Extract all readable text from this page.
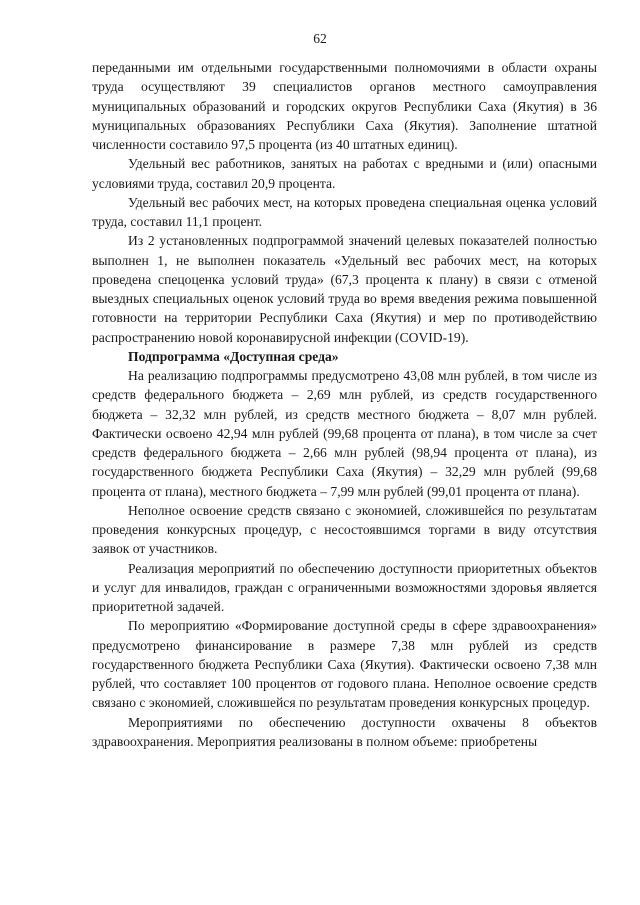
62

переданными им отдельными государственными полномочиями в области охраны труда осуществляют 39 специалистов органов местного самоуправления муниципальных образований и городских округов Республики Саха (Якутия) в 36 муниципальных образованиях Республики Саха (Якутия). Заполнение штатной численности составило 97,5 процента (из 40 штатных единиц).

Удельный вес работников, занятых на работах с вредными и (или) опасными условиями труда, составил 20,9 процента.

Удельный вес рабочих мест, на которых проведена специальная оценка условий труда, составил 11,1 процент.

Из 2 установленных подпрограммой значений целевых показателей полностью выполнен 1, не выполнен показатель «Удельный вес рабочих мест, на которых проведена спецоценка условий труда» (67,3 процента к плану) в связи с отменой выездных специальных оценок условий труда во время введения режима повышенной готовности на территории Республики Саха (Якутия) и мер по противодействию распространению новой коронавирусной инфекции (COVID-19).

Подпрограмма «Доступная среда»

На реализацию подпрограммы предусмотрено 43,08 млн рублей, в том числе из средств федерального бюджета – 2,69 млн рублей, из средств государственного бюджета – 32,32 млн рублей, из средств местного бюджета – 8,07 млн рублей. Фактически освоено 42,94 млн рублей (99,68 процента от плана), в том числе за счет средств федерального бюджета – 2,66 млн рублей (98,94 процента от плана), из государственного бюджета Республики Саха (Якутия) – 32,29 млн рублей (99,68 процента от плана), местного бюджета – 7,99 млн рублей (99,01 процента от плана).

Неполное освоение средств связано с экономией, сложившейся по результатам проведения конкурсных процедур, с несостоявшимся торгами в виду отсутствия заявок от участников.

Реализация мероприятий по обеспечению доступности приоритетных объектов и услуг для инвалидов, граждан с ограниченными возможностями здоровья является приоритетной задачей.

По мероприятию «Формирование доступной среды в сфере здравоохранения» предусмотрено финансирование в размере 7,38 млн рублей из средств государственного бюджета Республики Саха (Якутия). Фактически освоено 7,38 млн рублей, что составляет 100 процентов от годового плана. Неполное освоение средств связано с экономией, сложившейся по результатам проведения конкурсных процедур.

Мероприятиями по обеспечению доступности охвачены 8 объектов здравоохранения. Мероприятия реализованы в полном объеме: приобретены
